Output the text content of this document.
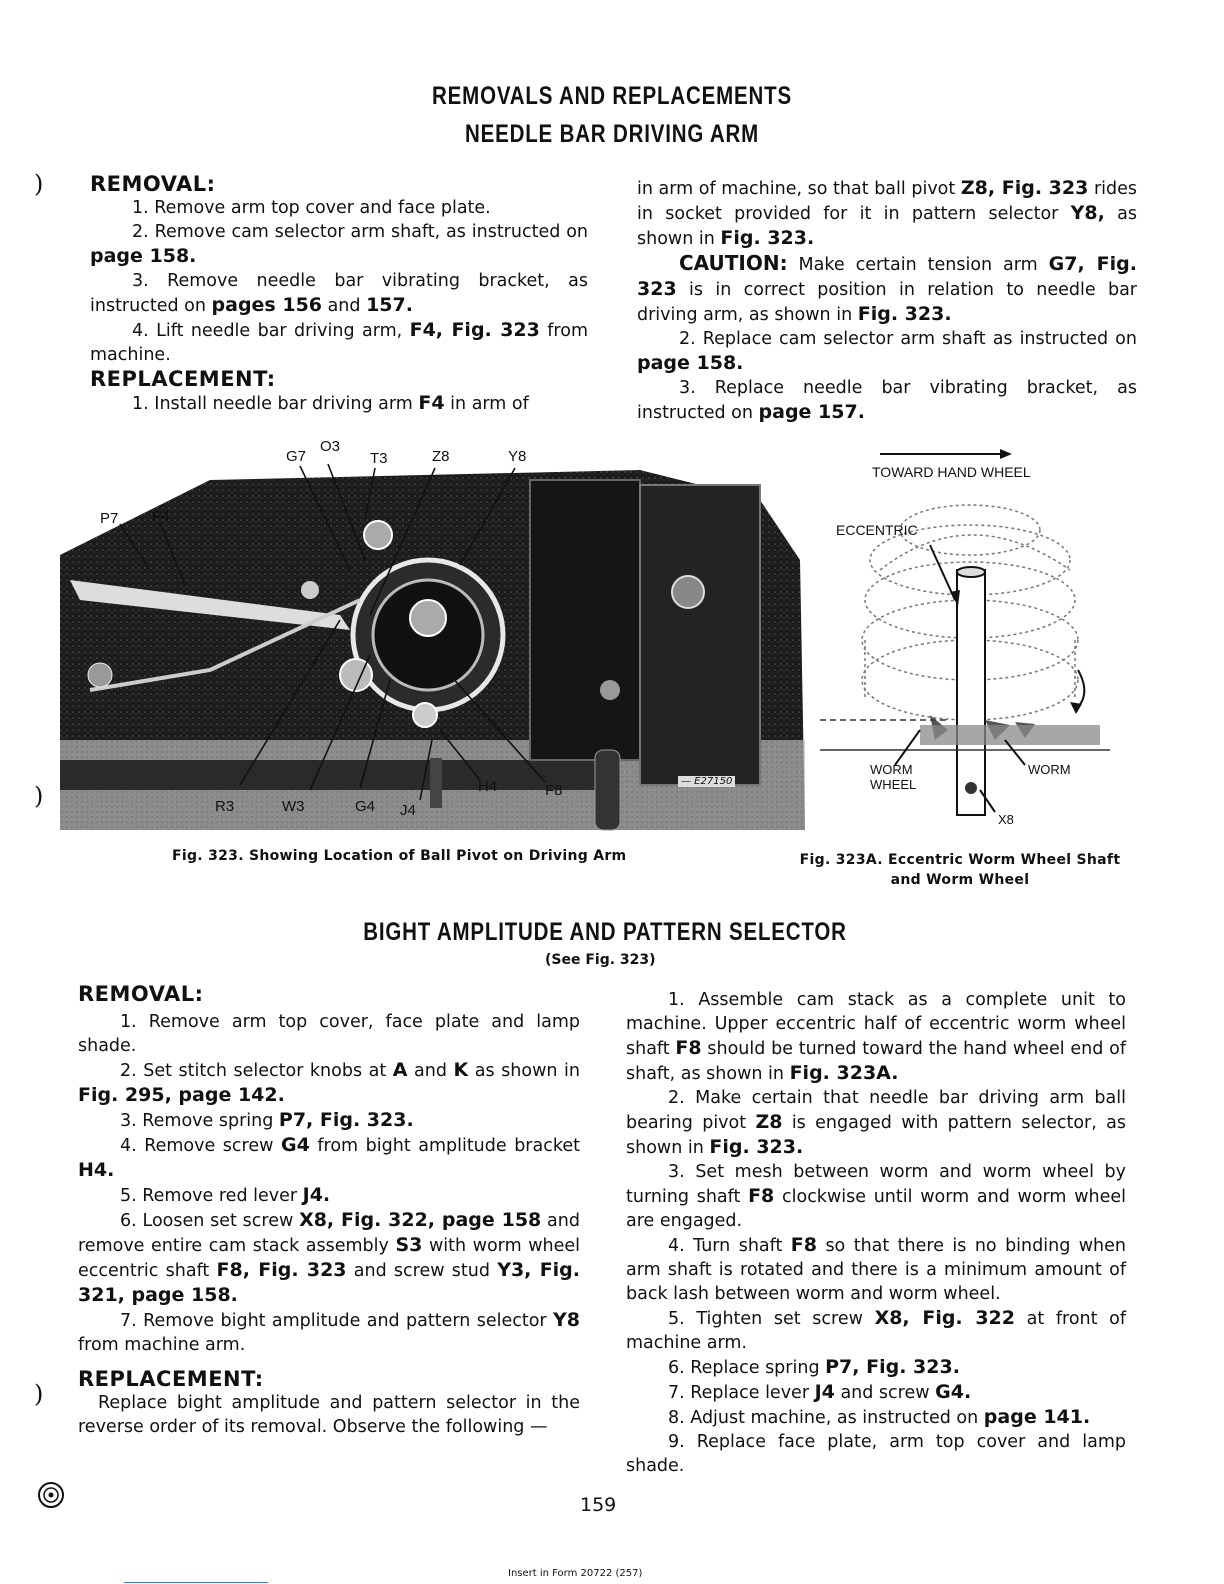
REMOVALS AND REPLACEMENTS
NEEDLE BAR DRIVING ARM
)
)
)
REMOVAL:
1. Remove arm top cover and face plate.
2. Remove cam selector arm shaft, as instructed on page 158.
3. Remove needle bar vibrating bracket, as instructed on pages 156 and 157.
4. Lift needle bar driving arm, F4, Fig. 323 from machine.
REPLACEMENT:
1. Install needle bar driving arm F4 in arm of
in arm of machine, so that ball pivot Z8, Fig. 323 rides in socket provided for it in pattern selector Y8, as shown in Fig. 323.
CAUTION: Make certain tension arm G7, Fig. 323 is in correct position in relation to needle bar driving arm, as shown in Fig. 323.
2. Replace cam selector arm shaft as instructed on page 158.
3. Replace needle bar vibrating bracket, as instructed on page 157.
G7
O3
T3	Z8	Y8
P7 F4
R3	W3	G4 J4
H4	F8
— E27150
Fig. 323. Showing Location of Ball Pivot on Driving Arm
TOWARD HAND WHEEL
ECCENTRIC
WORM
WHEEL
WORM
X8
Fig. 323A. Eccentric Worm Wheel Shaft
and Worm Wheel
BIGHT AMPLITUDE AND PATTERN SELECTOR
(See Fig. 323)
REMOVAL:
1. Remove arm top cover, face plate and lamp shade.
2. Set stitch selector knobs at A and K as shown in Fig. 295, page 142.
3. Remove spring P7, Fig. 323.
4. Remove screw G4 from bight amplitude bracket H4.
5. Remove red lever J4.
6. Loosen set screw X8, Fig. 322, page 158 and remove entire cam stack assembly S3 with worm wheel eccentric shaft F8, Fig. 323 and screw stud Y3, Fig. 321, page 158.
7. Remove bight amplitude and pattern selector Y8 from machine arm.
REPLACEMENT:
Replace bight amplitude and pattern selector in the reverse order of its removal. Observe the following —
1. Assemble cam stack as a complete unit to machine. Upper eccentric half of eccentric worm wheel shaft F8 should be turned toward the hand wheel end of shaft, as shown in Fig. 323A.
2. Make certain that needle bar driving arm ball bearing pivot Z8 is engaged with pattern selector, as shown in Fig. 323.
3. Set mesh between worm and worm wheel by turning shaft F8 clockwise until worm and worm wheel are engaged.
4. Turn shaft F8 so that there is no binding when arm shaft is rotated and there is a minimum amount of back lash between worm and worm wheel.
5. Tighten set screw X8, Fig. 322 at front of machine arm.
6. Replace spring P7, Fig. 323.
7. Replace lever J4 and screw G4.
8. Adjust machine, as instructed on page 141.
9. Replace face plate, arm top cover and lamp shade.
159
Insert in Form 20722 (257)
